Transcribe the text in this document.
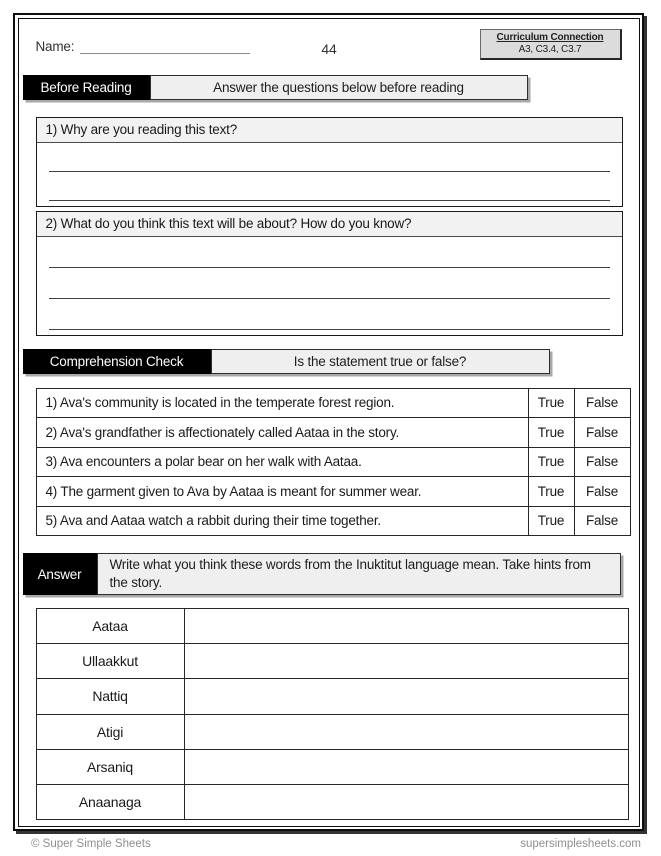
Name:	44
Curriculum Connection
A3, C3.4, C3.7
Before Reading	Answer the questions below before reading
1) Why are you reading this text?
2) What do you think this text will be about? How do you know?
Comprehension Check	Is the statement true or false?
1) Ava's community is located in the temperate forest region.	True	False
2) Ava's grandfather is affectionately called Aataa in the story.	True	False
3) Ava encounters a polar bear on her walk with Aataa.	True	False
4) The garment given to Ava by Aataa is meant for summer wear.	True	False
5) Ava and Aataa watch a rabbit during their time together.	True	False
Answer
Write what you think these words from the Inuktitut language mean. Take hints from the story.
Aataa	
Ullaakkut	
Nattiq	
Atigi	
Arsaniq	
Anaanaga	
© Super Simple Sheets	supersimplesheets.com
